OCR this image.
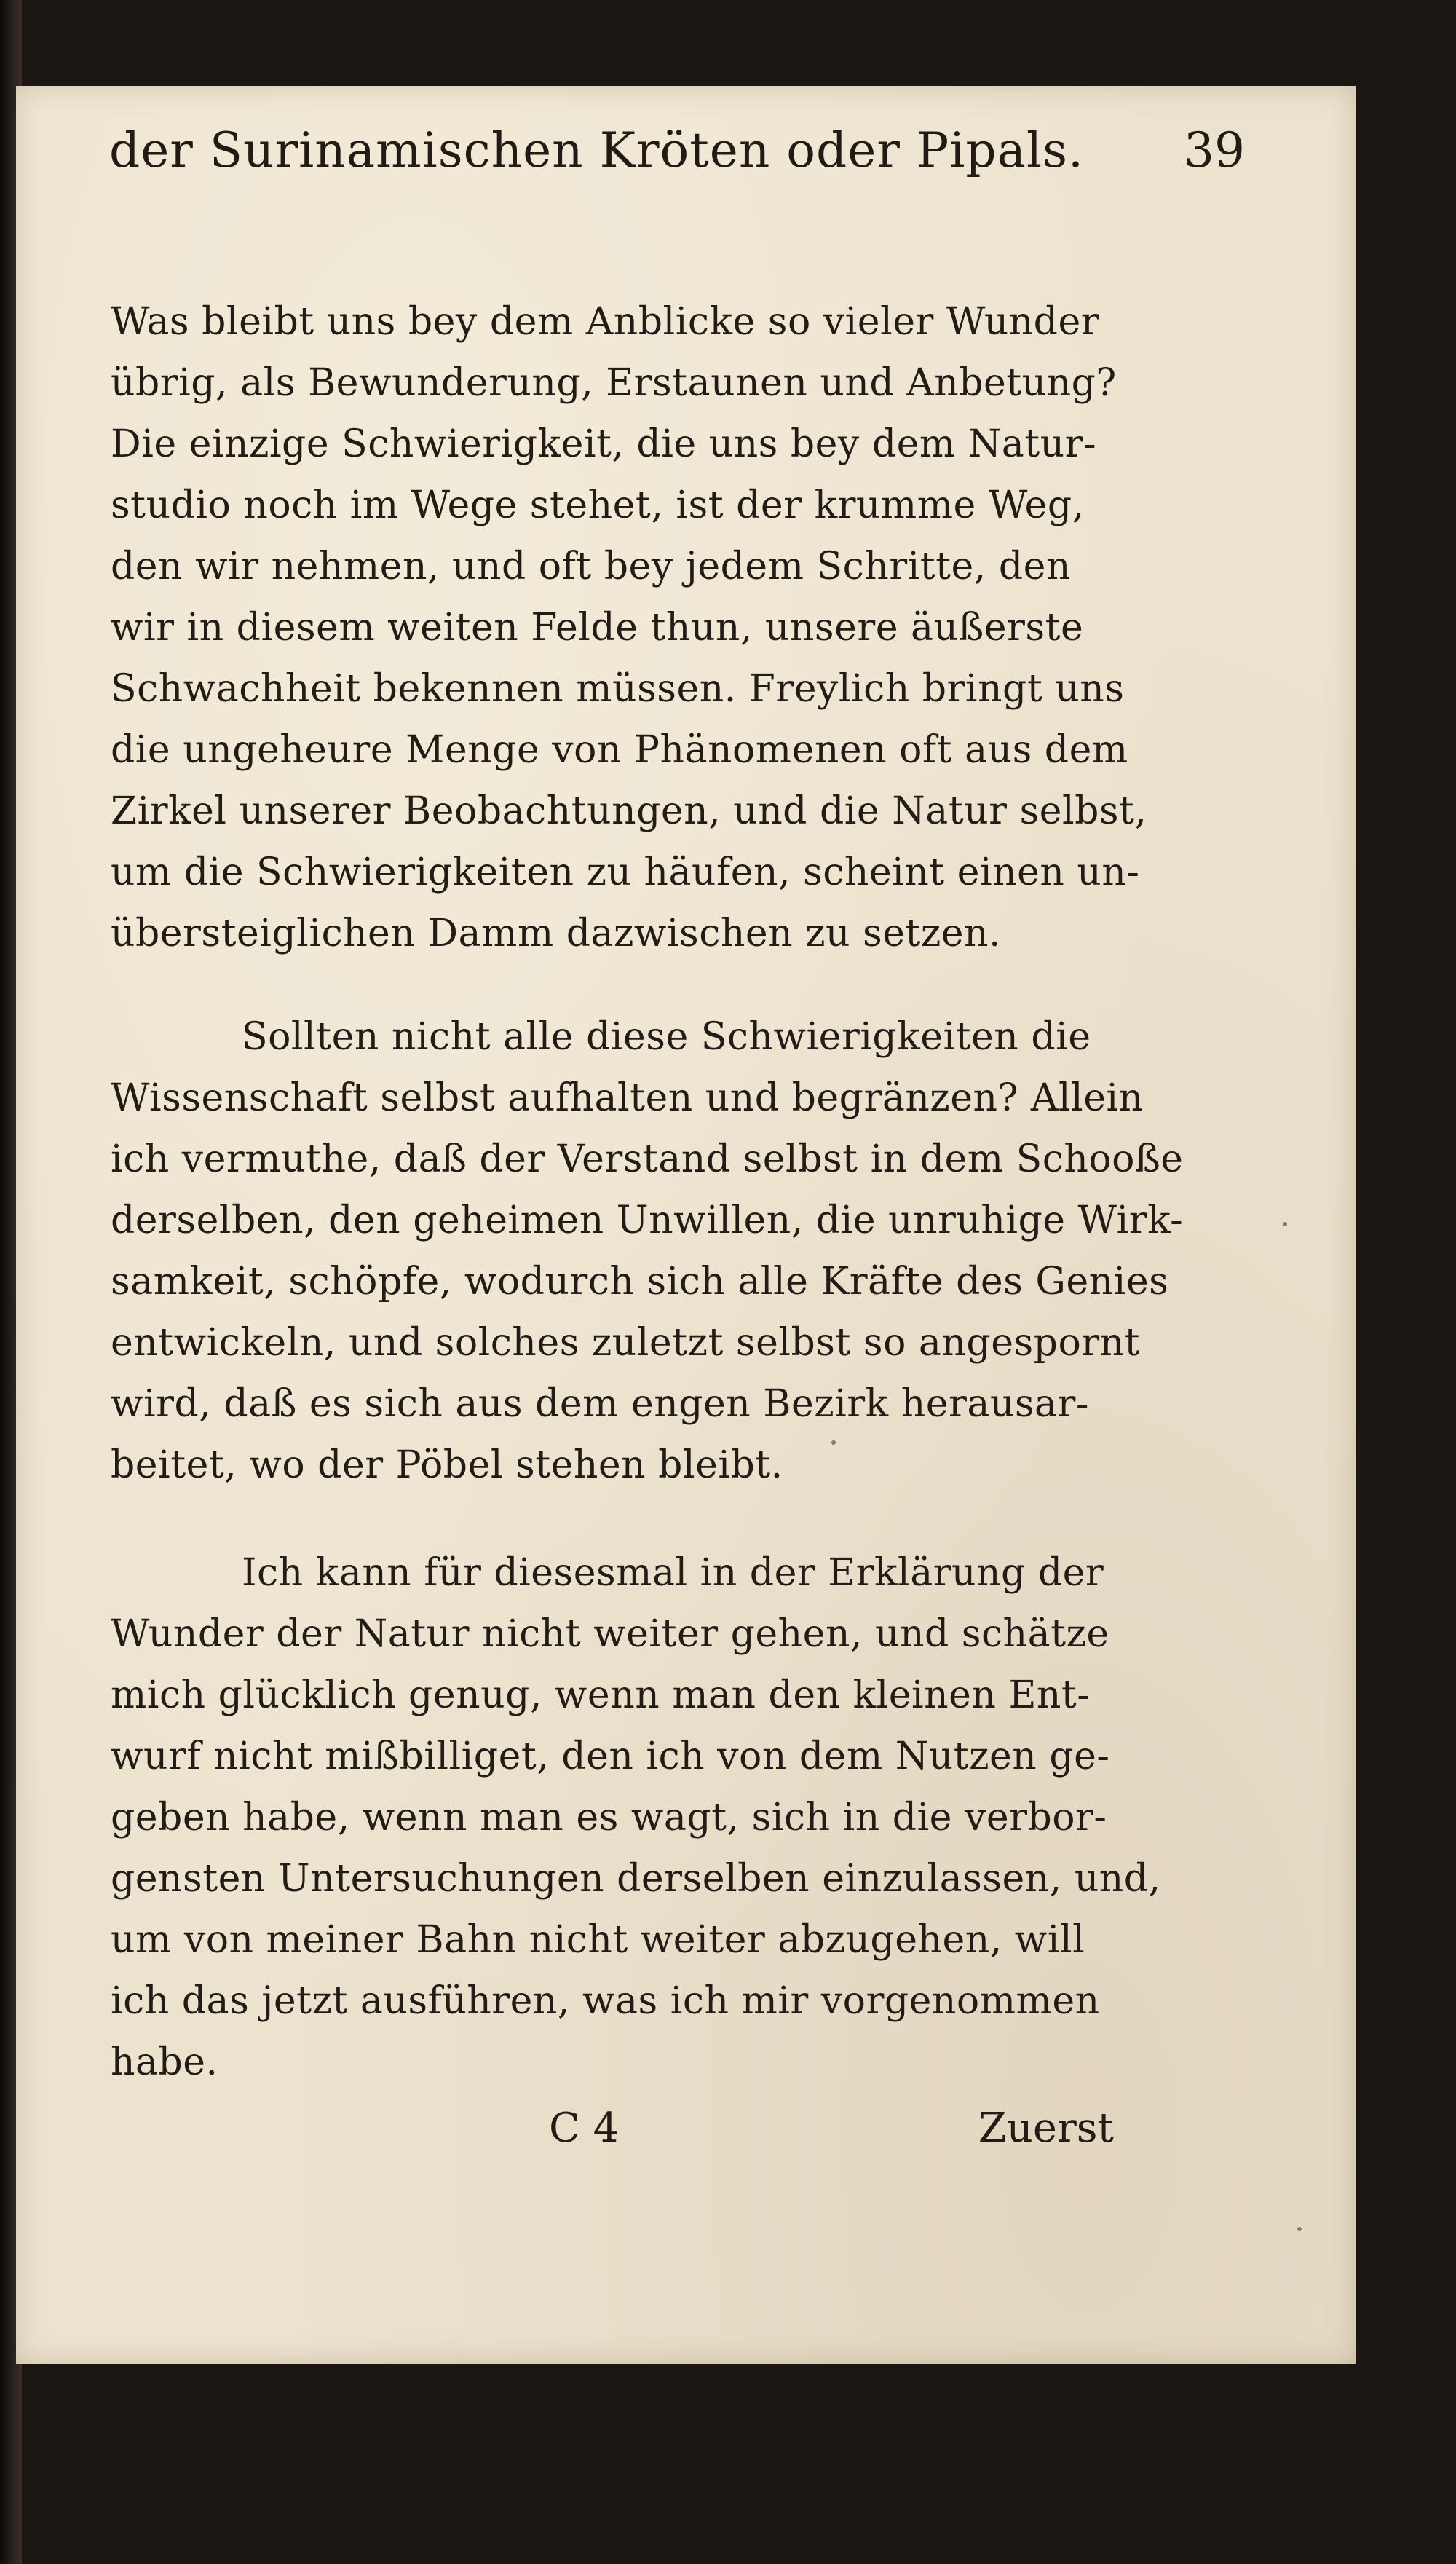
der Surinamischen Kröten oder Pipals. 39
Was bleibt uns bey dem Anblicke so vieler Wunder
übrig, als Bewunderung, Erstaunen und Anbetung?
Die einzige Schwierigkeit, die uns bey dem Natur-
studio noch im Wege stehet, ist der krumme Weg,
den wir nehmen, und oft bey jedem Schritte, den
wir in diesem weiten Felde thun, unsere äußerste
Schwachheit bekennen müssen. Freylich bringt uns
die ungeheure Menge von Phänomenen oft aus dem
Zirkel unserer Beobachtungen, und die Natur selbst,
um die Schwierigkeiten zu häufen, scheint einen un-
übersteiglichen Damm dazwischen zu setzen.
Sollten nicht alle diese Schwierigkeiten die
Wissenschaft selbst aufhalten und begränzen? Allein
ich vermuthe, daß der Verstand selbst in dem Schooße
derselben, den geheimen Unwillen, die unruhige Wirk-
samkeit, schöpfe, wodurch sich alle Kräfte des Genies
entwickeln, und solches zuletzt selbst so angespornt
wird, daß es sich aus dem engen Bezirk herausar-
beitet, wo der Pöbel stehen bleibt.
Ich kann für diesesmal in der Erklärung der
Wunder der Natur nicht weiter gehen, und schätze
mich glücklich genug, wenn man den kleinen Ent-
wurf nicht mißbilliget, den ich von dem Nutzen ge-
geben habe, wenn man es wagt, sich in die verbor-
gensten Untersuchungen derselben einzulassen, und,
um von meiner Bahn nicht weiter abzugehen, will
ich das jetzt ausführen, was ich mir vorgenommen
habe.
C 4	Zuerst
